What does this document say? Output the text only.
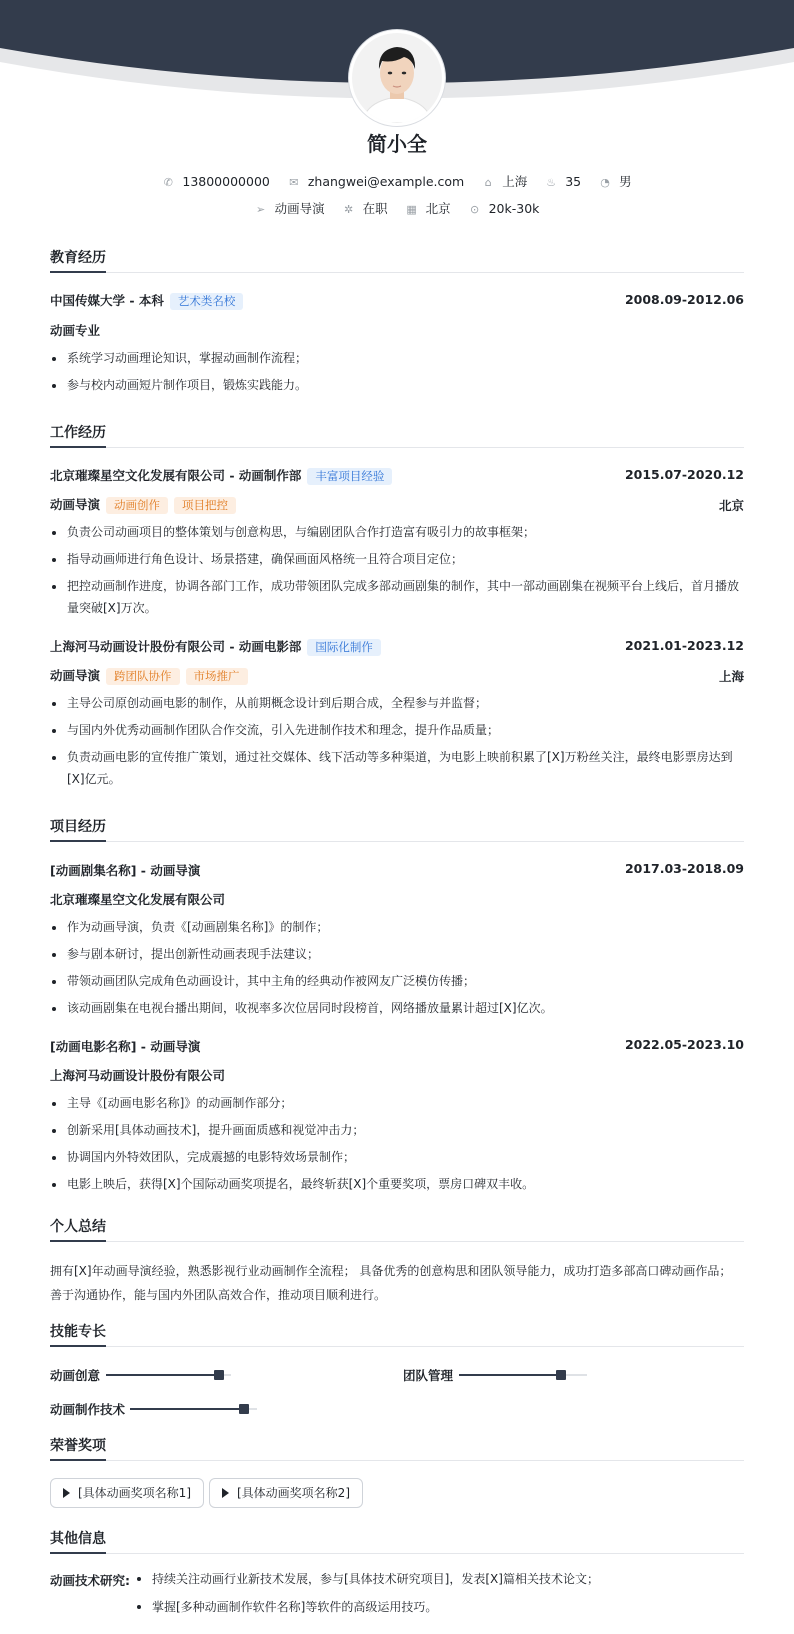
简小全
✆ 13800000000 ✉ zhangwei@example.com ⌂ 上海 ♨ 35 ◔ 男
➢ 动画导演 ✲ 在职 ▦ 北京 ⊙ 20k-30k
教育经历
中国传媒大学 - 本科 艺术类名校	2008.09-2012.06
动画专业
系统学习动画理论知识，掌握动画制作流程；
参与校内动画短片制作项目，锻炼实践能力。
工作经历
北京璀璨星空文化发展有限公司 - 动画制作部 丰富项目经验	2015.07-2020.12
动画导演 动画创作 项目把控	北京
负责公司动画项目的整体策划与创意构思，与编剧团队合作打造富有吸引力的故事框架；
指导动画师进行角色设计、场景搭建，确保画面风格统一且符合项目定位；
把控动画制作进度，协调各部门工作，成功带领团队完成多部动画剧集的制作，其中一部动画剧集在视频平台上线后，首月播放量突破[X]万次。
上海河马动画设计股份有限公司 - 动画电影部 国际化制作	2021.01-2023.12
动画导演 跨团队协作 市场推广	上海
主导公司原创动画电影的制作，从前期概念设计到后期合成，全程参与并监督；
与国内外优秀动画制作团队合作交流，引入先进制作技术和理念，提升作品质量；
负责动画电影的宣传推广策划，通过社交媒体、线下活动等多种渠道，为电影上映前积累了[X]万粉丝关注，最终电影票房达到[X]亿元。
项目经历
[动画剧集名称] - 动画导演	2017.03-2018.09
北京璀璨星空文化发展有限公司
作为动画导演，负责《[动画剧集名称]》的制作；
参与剧本研讨，提出创新性动画表现手法建议；
带领动画团队完成角色动画设计，其中主角的经典动作被网友广泛模仿传播；
该动画剧集在电视台播出期间，收视率多次位居同时段榜首，网络播放量累计超过[X]亿次。
[动画电影名称] - 动画导演	2022.05-2023.10
上海河马动画设计股份有限公司
主导《[动画电影名称]》的动画制作部分；
创新采用[具体动画技术]，提升画面质感和视觉冲击力；
协调国内外特效团队，完成震撼的电影特效场景制作；
电影上映后，获得[X]个国际动画奖项提名，最终斩获[X]个重要奖项，票房口碑双丰收。
个人总结
拥有[X]年动画导演经验，熟悉影视行业动画制作全流程； 具备优秀的创意构思和团队领导能力，成功打造多部高口碑动画作品；
善于沟通协作，能与国内外团队高效合作，推动项目顺利进行。
技能专长
动画创意	团队管理
动画制作技术
荣誉奖项
[具体动画奖项名称1]	[具体动画奖项名称2]
其他信息
动画技术研究:	持续关注动画行业新技术发展，参与[具体技术研究项目]，发表[X]篇相关技术论文；
掌握[多种动画制作软件名称]等软件的高级运用技巧。
